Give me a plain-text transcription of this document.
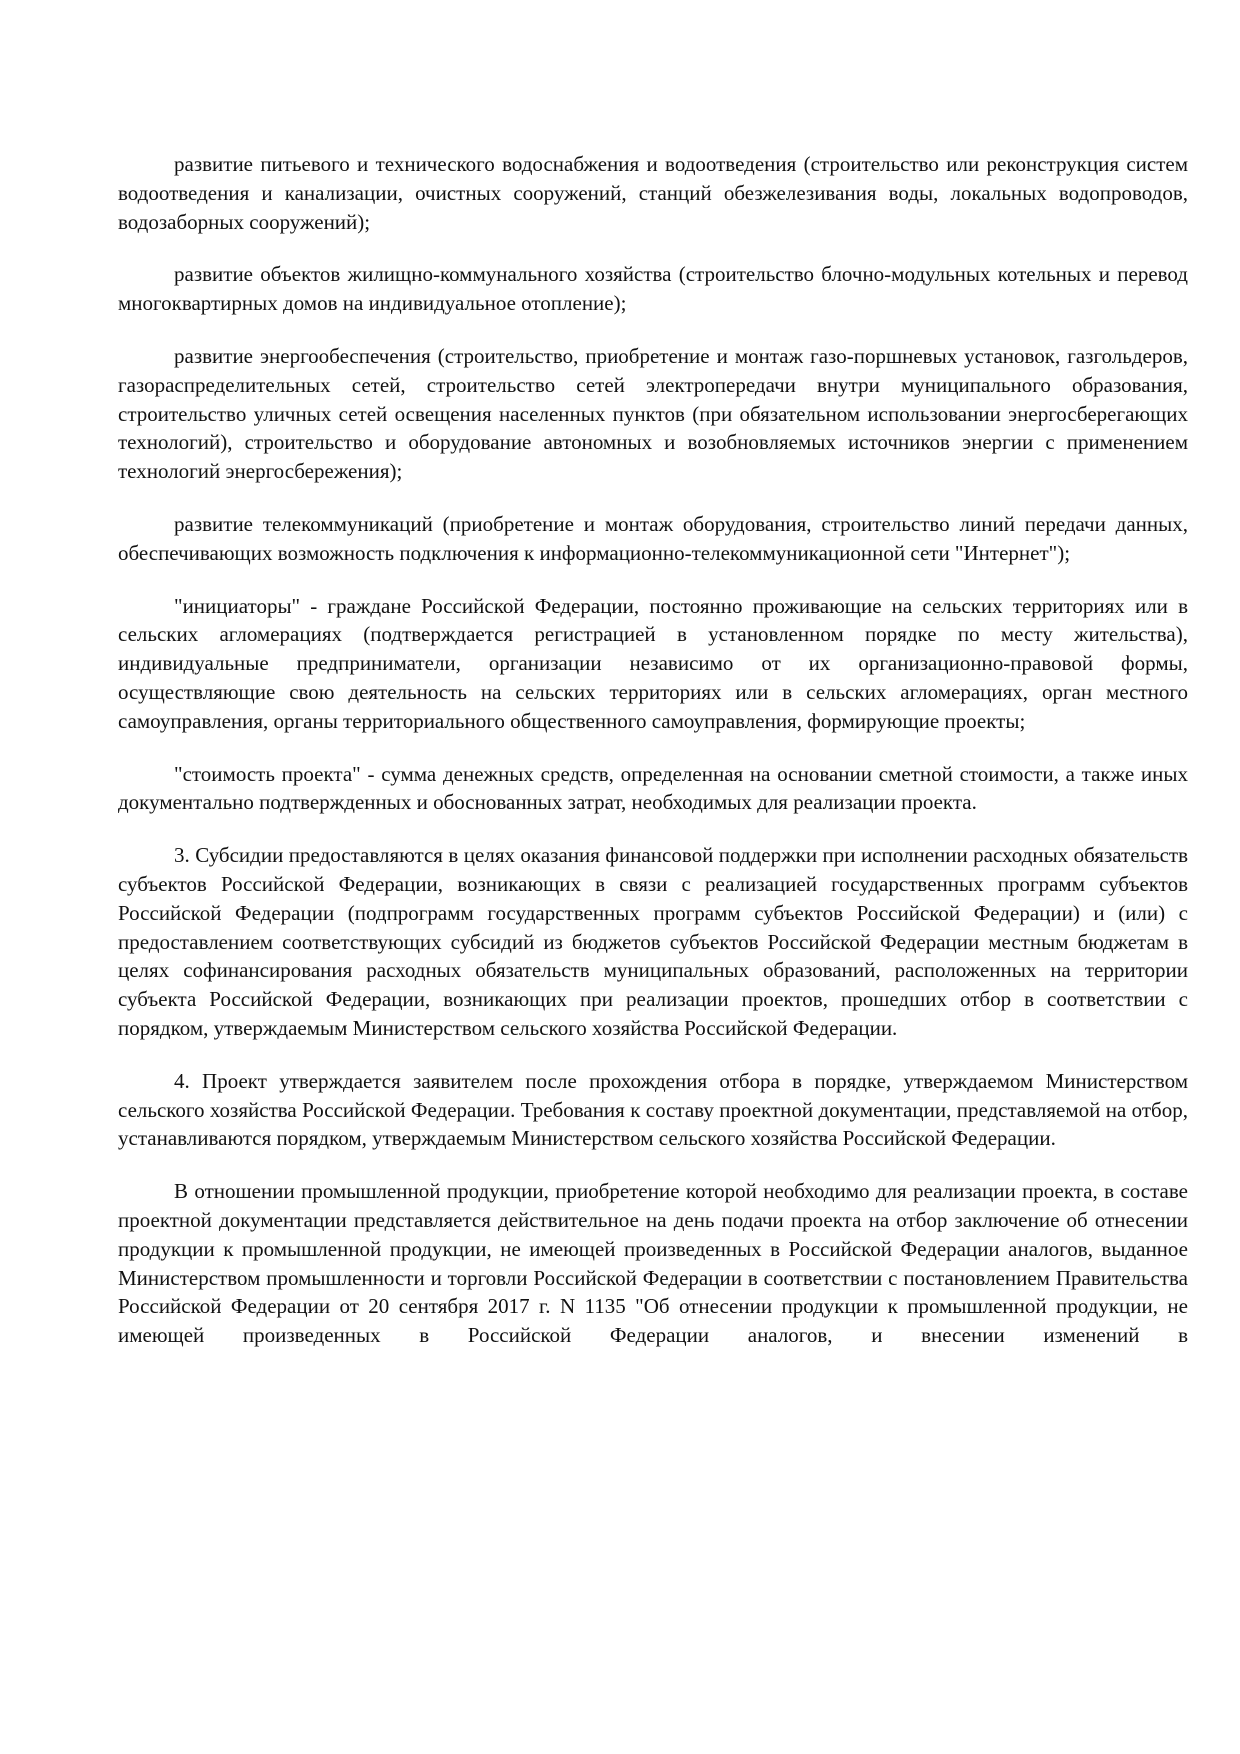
развитие питьевого и технического водоснабжения и водоотведения (строительство или реконструкция систем водоотведения и канализации, очистных сооружений, станций обезжелезивания воды, локальных водопроводов, водозаборных сооружений);

развитие объектов жилищно-коммунального хозяйства (строительство блочно-модульных котельных и перевод многоквартирных домов на индивидуальное отопление);

развитие энергообеспечения (строительство, приобретение и монтаж газо-поршневых установок, газгольдеров, газораспределительных сетей, строительство сетей электропередачи внутри муниципального образования, строительство уличных сетей освещения населенных пунктов (при обязательном использовании энергосберегающих технологий), строительство и оборудование автономных и возобновляемых источников энергии с применением технологий энергосбережения);

развитие телекоммуникаций (приобретение и монтаж оборудования, строительство линий передачи данных, обеспечивающих возможность подключения к информационно-телекоммуникационной сети "Интернет");

"инициаторы" - граждане Российской Федерации, постоянно проживающие на сельских территориях или в сельских агломерациях (подтверждается регистрацией в установленном порядке по месту жительства), индивидуальные предприниматели, организации независимо от их организационно-правовой формы, осуществляющие свою деятельность на сельских территориях или в сельских агломерациях, орган местного самоуправления, органы территориального общественного самоуправления, формирующие проекты;

"стоимость проекта" - сумма денежных средств, определенная на основании сметной стоимости, а также иных документально подтвержденных и обоснованных затрат, необходимых для реализации проекта.

3. Субсидии предоставляются в целях оказания финансовой поддержки при исполнении расходных обязательств субъектов Российской Федерации, возникающих в связи с реализацией государственных программ субъектов Российской Федерации (подпрограмм государственных программ субъектов Российской Федерации) и (или) с предоставлением соответствующих субсидий из бюджетов субъектов Российской Федерации местным бюджетам в целях софинансирования расходных обязательств муниципальных образований, расположенных на территории субъекта Российской Федерации, возникающих при реализации проектов, прошедших отбор в соответствии с порядком, утверждаемым Министерством сельского хозяйства Российской Федерации.

4. Проект утверждается заявителем после прохождения отбора в порядке, утверждаемом Министерством сельского хозяйства Российской Федерации. Требования к составу проектной документации, представляемой на отбор, устанавливаются порядком, утверждаемым Министерством сельского хозяйства Российской Федерации.

В отношении промышленной продукции, приобретение которой необходимо для реализации проекта, в составе проектной документации представляется действительное на день подачи проекта на отбор заключение об отнесении продукции к промышленной продукции, не имеющей произведенных в Российской Федерации аналогов, выданное Министерством промышленности и торговли Российской Федерации в соответствии с постановлением Правительства Российской Федерации от 20 сентября 2017 г. N 1135 "Об отнесении продукции к промышленной продукции, не имеющей произведенных в Российской Федерации аналогов, и внесении изменений в
